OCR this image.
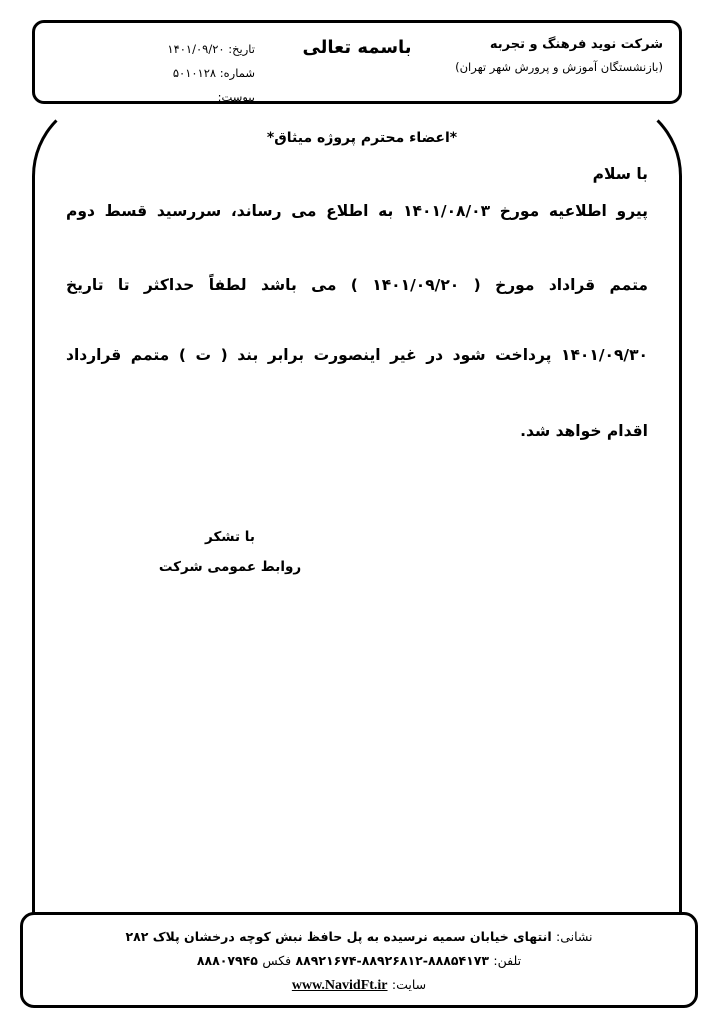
شرکت نوید فرهنگ و تجربه
(بازنشستگان آموزش و پرورش شهر تهران)
باسمه تعالی
تاریخ: ۱۴۰۱/۰۹/۲۰
شماره: ۵۰۱۰۱۲۸
پیوست:
*اعضاء محترم پروژه میثاق*
با سلام
پیرو اطلاعیه مورخ ۱۴۰۱/۰۸/۰۳ به اطلاع می رساند، سررسید قسط دوم
متمم قراداد مورخ ( ۱۴۰۱/۰۹/۲۰ ) می باشد لطفاً حداکثر تا تاریخ
۱۴۰۱/۰۹/۳۰ پرداخت شود در غیر اینصورت برابر بند ( ت ) متمم قرارداد
اقدام خواهد شد.
با تشکر
روابط عمومی شرکت
نشانی: انتهای خیابان سمیه نرسیده به پل حافظ نبش کوچه درخشان پلاک ۲۸۲
تلفن: ۸۸۸۵۴۱۷۳-۸۸۹۲۶۸۱۲-۸۸۹۲۱۶۷۴ فکس ۸۸۸۰۷۹۴۵
سایت: www.NavidFt.ir
